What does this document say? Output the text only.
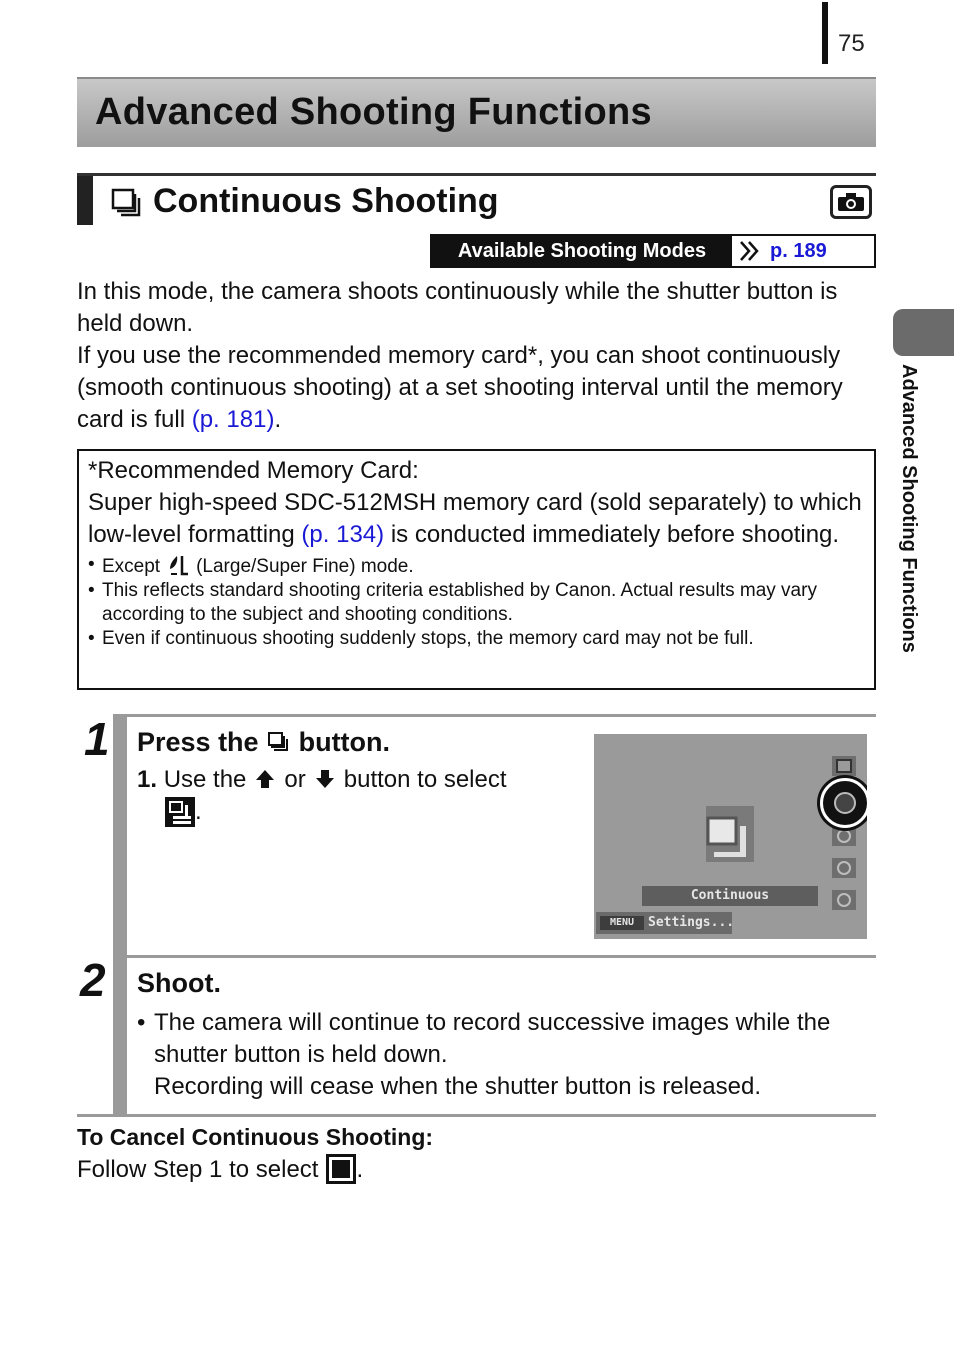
75
Advanced Shooting Functions
Continuous Shooting
Available Shooting Modes	p. 189

In this mode, the camera shoots continuously while the shutter button is held down.

If you use the recommended memory card*, you can shoot continuously (smooth continuous shooting) at a set shooting interval until the memory card is full (p. 181).

*Recommended Memory Card:
Super high-speed SDC-512MSH memory card (sold separately) to which low-level formatting (p. 134) is conducted immediately before shooting.
• Except (Large/Super Fine) mode.
• This reflects standard shooting criteria established by Canon. Actual results may vary according to the subject and shooting conditions.
• Even if continuous shooting suddenly stops, the memory card may not be full.
1 Press the button.
1. Use the or button to select
.
Continuous
MENU	Settings...
2 Shoot.
• The camera will continue to record successive images while the shutter button is held down.
Recording will cease when the shutter button is released.
To Cancel Continuous Shooting:
Follow Step 1 to select .
Advanced Shooting Functions
